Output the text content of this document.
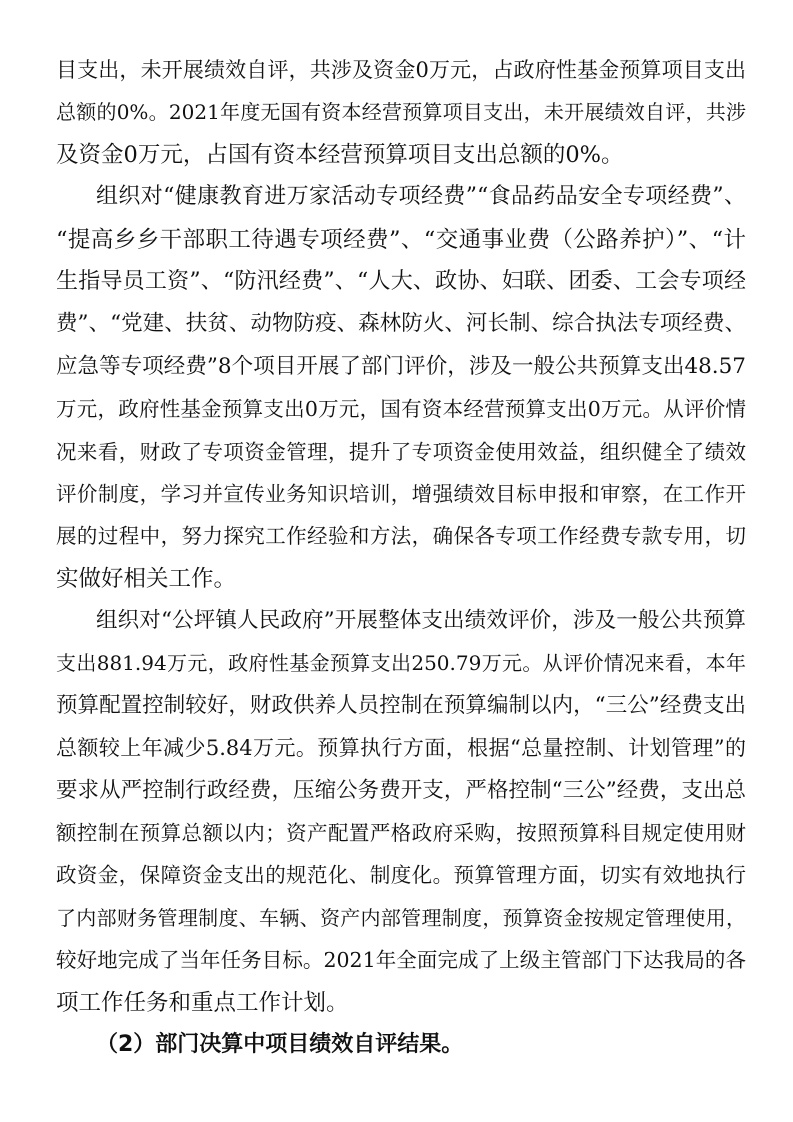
目支出，未开展绩效自评，共涉及资金0万元，占政府性基金预算项目支出
总额的0%。2021年度无国有资本经营预算项目支出，未开展绩效自评，共涉
及资金0万元，占国有资本经营预算项目支出总额的0%。
组织对“健康教育进万家活动专项经费”“食品药品安全专项经费”、
“提高乡乡干部职工待遇专项经费”、“交通事业费（公路养护）”、“计
生指导员工资”、“防汛经费”、“人大、政协、妇联、团委、工会专项经
费”、“党建、扶贫、动物防疫、森林防火、河长制、综合执法专项经费、
应急等专项经费”8个项目开展了部门评价，涉及一般公共预算支出48.57
万元，政府性基金预算支出0万元，国有资本经营预算支出0万元。从评价情
况来看，财政了专项资金管理，提升了专项资金使用效益，组织健全了绩效
评价制度，学习并宣传业务知识培训，增强绩效目标申报和审察，在工作开
展的过程中，努力探究工作经验和方法，确保各专项工作经费专款专用，切
实做好相关工作。
组织对“公坪镇人民政府”开展整体支出绩效评价，涉及一般公共预算
支出881.94万元，政府性基金预算支出250.79万元。从评价情况来看，本年
预算配置控制较好，财政供养人员控制在预算编制以内，“三公”经费支出
总额较上年减少5.84万元。预算执行方面，根据“总量控制、计划管理”的
要求从严控制行政经费，压缩公务费开支，严格控制“三公”经费，支出总
额控制在预算总额以内；资产配置严格政府采购，按照预算科目规定使用财
政资金，保障资金支出的规范化、制度化。预算管理方面，切实有效地执行
了内部财务管理制度、车辆、资产内部管理制度，预算资金按规定管理使用，
较好地完成了当年任务目标。2021年全面完成了上级主管部门下达我局的各
项工作任务和重点工作计划。
（2）部门决算中项目绩效自评结果。
